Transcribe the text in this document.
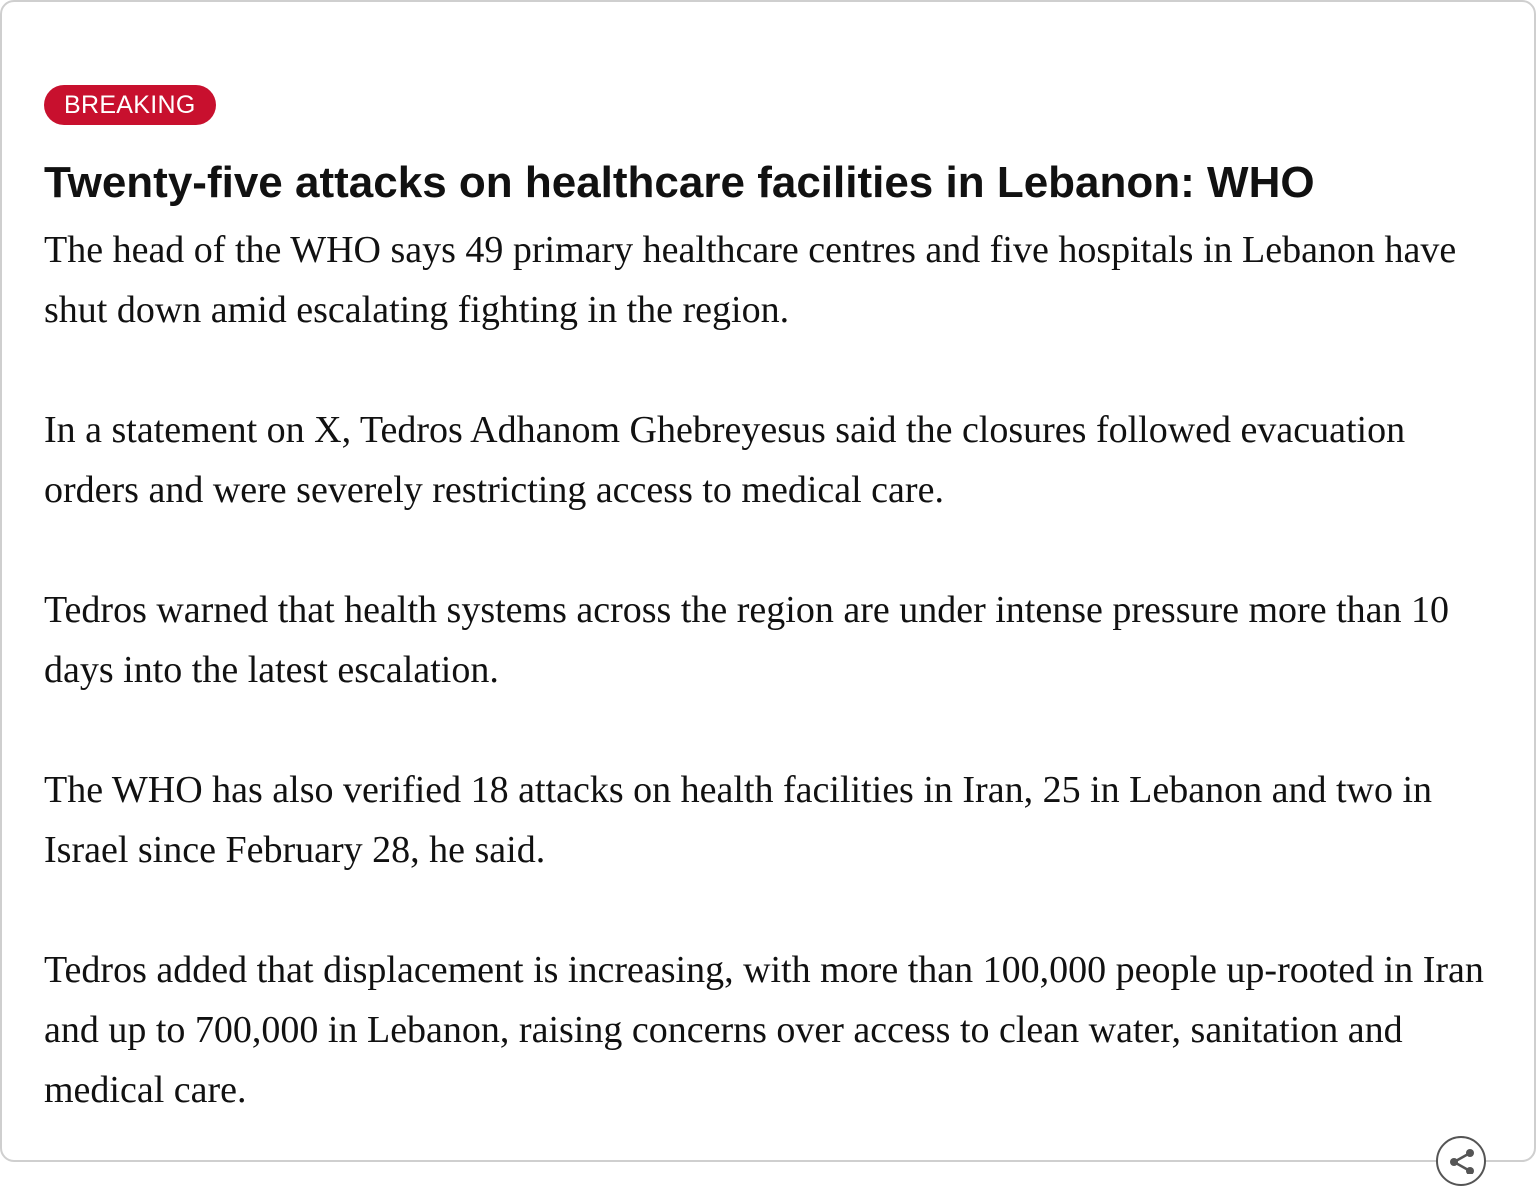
BREAKING
Twenty-five attacks on healthcare facilities in Lebanon: WHO

The head of the WHO says 49 primary healthcare centres and five hospitals in Lebanon have shut down amid escalating fighting in the region.

In a statement on X, Tedros Adhanom Ghebreyesus said the closures followed evacuation orders and were severely restricting access to medical care.

Tedros warned that health systems across the region are under intense pressure more than 10 days into the latest escalation.

The WHO has also verified 18 attacks on health facilities in Iran, 25 in Lebanon and two in Israel since February 28, he said.

Tedros added that displacement is increasing, with more than 100,000 people up-rooted in Iran and up to 700,000 in Lebanon, raising concerns over access to clean water, sanitation and medical care.
